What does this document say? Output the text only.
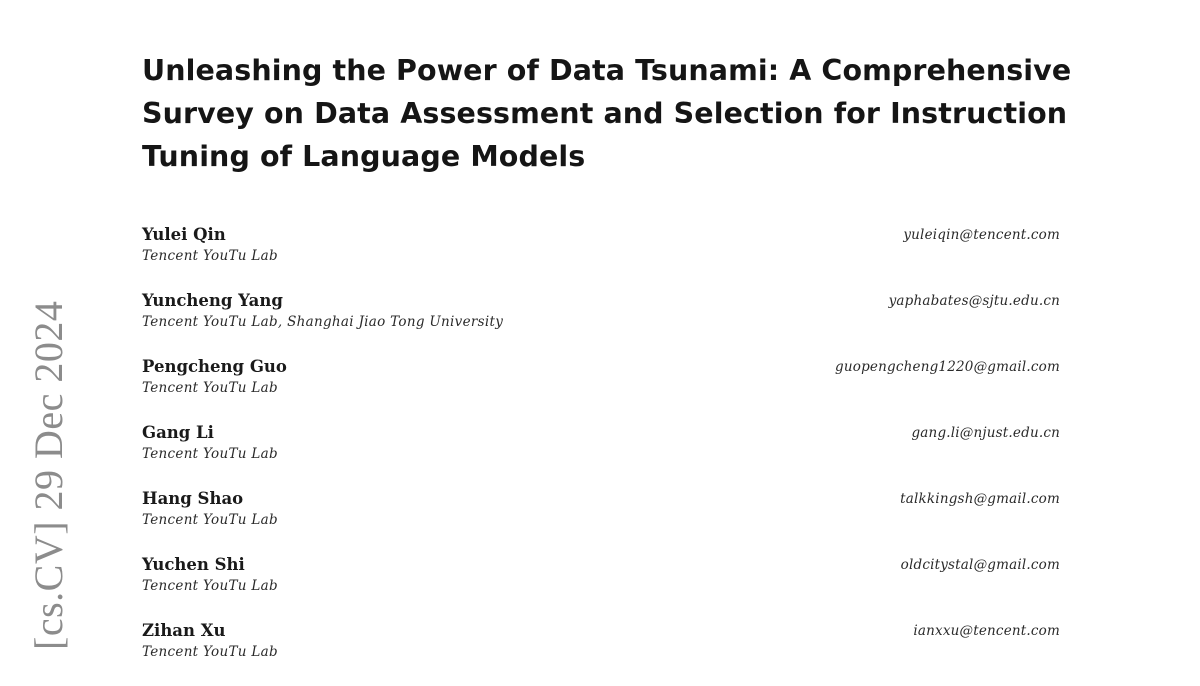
[cs.CV] 29 Dec 2024
Unleashing the Power of Data Tsunami: A Comprehensive Survey on Data Assessment and Selection for Instruction Tuning of Language Models
Yulei Qin
Tencent YouTu Lab
yuleiqin@tencent.com
Yuncheng Yang
Tencent YouTu Lab, Shanghai Jiao Tong University
yaphabates@sjtu.edu.cn
Pengcheng Guo
Tencent YouTu Lab
guopengcheng1220@gmail.com
Gang Li
Tencent YouTu Lab
gang.li@njust.edu.cn
Hang Shao
Tencent YouTu Lab
talkkingsh@gmail.com
Yuchen Shi
Tencent YouTu Lab
oldcitystal@gmail.com
Zihan Xu
Tencent YouTu Lab
ianxxu@tencent.com
